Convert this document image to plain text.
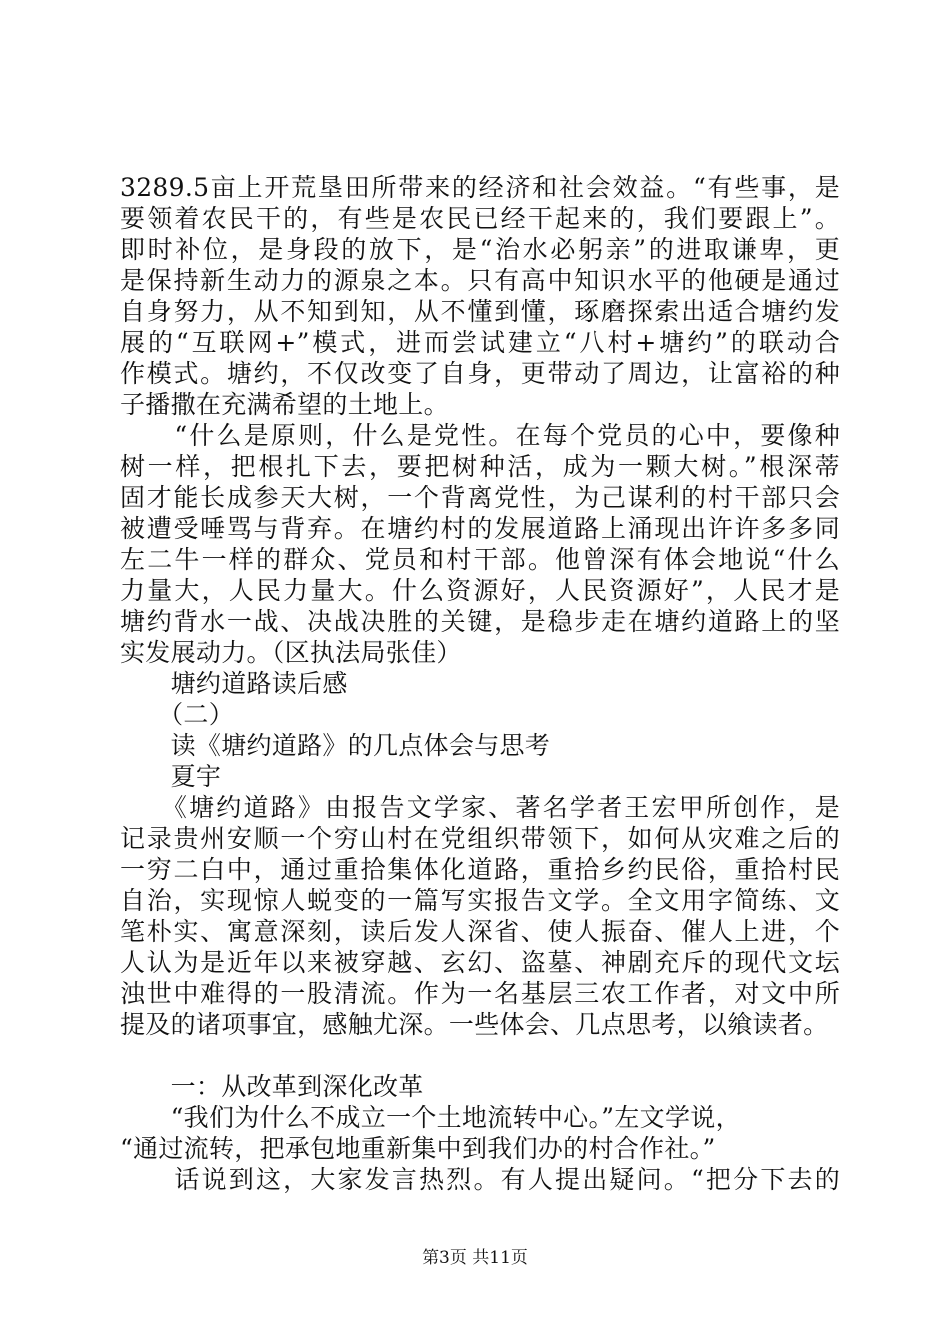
3289.5亩上开荒垦田所带来的经济和社会效益。“有些事，是
要领着农民干的，有些是农民已经干起来的，我们要跟上”。
即时补位，是身段的放下，是“治水必躬亲”的进取谦卑，更
是保持新生动力的源泉之本。只有高中知识水平的他硬是通过
自身努力，从不知到知，从不懂到懂，琢磨探索出适合塘约发
展的“互联网+”模式，进而尝试建立“八村+塘约”的联动合
作模式。塘约，不仅改变了自身，更带动了周边，让富裕的种
子播撒在充满希望的土地上。
　　“什么是原则，什么是党性。在每个党员的心中，要像种
树一样，把根扎下去，要把树种活，成为一颗大树。”根深蒂
固才能长成参天大树，一个背离党性，为己谋利的村干部只会
被遭受唾骂与背弃。在塘约村的发展道路上涌现出许许多多同
左二牛一样的群众、党员和村干部。他曾深有体会地说“什么
力量大，人民力量大。什么资源好，人民资源好”，人民才是
塘约背水一战、决战决胜的关键，是稳步走在塘约道路上的坚
实发展动力。（区执法局张佳）
　　塘约道路读后感
　　（二）
　　读《塘约道路》的几点体会与思考
　　夏宇
　　《塘约道路》由报告文学家、著名学者王宏甲所创作，是
记录贵州安顺一个穷山村在党组织带领下，如何从灾难之后的
一穷二白中，通过重拾集体化道路，重拾乡约民俗，重拾村民
自治，实现惊人蜕变的一篇写实报告文学。全文用字简练、文
笔朴实、寓意深刻，读后发人深省、使人振奋、催人上进，个
人认为是近年以来被穿越、玄幻、盗墓、神剧充斥的现代文坛
浊世中难得的一股清流。作为一名基层三农工作者，对文中所
提及的诸项事宜，感触尤深。一些体会、几点思考，以飨读者。
　　一：从改革到深化改革
　　“我们为什么不成立一个土地流转中心。”左文学说，
“通过流转，把承包地重新集中到我们办的村合作社。”
　　话说到这，大家发言热烈。有人提出疑问。“把分下去的
第3页 共11页
